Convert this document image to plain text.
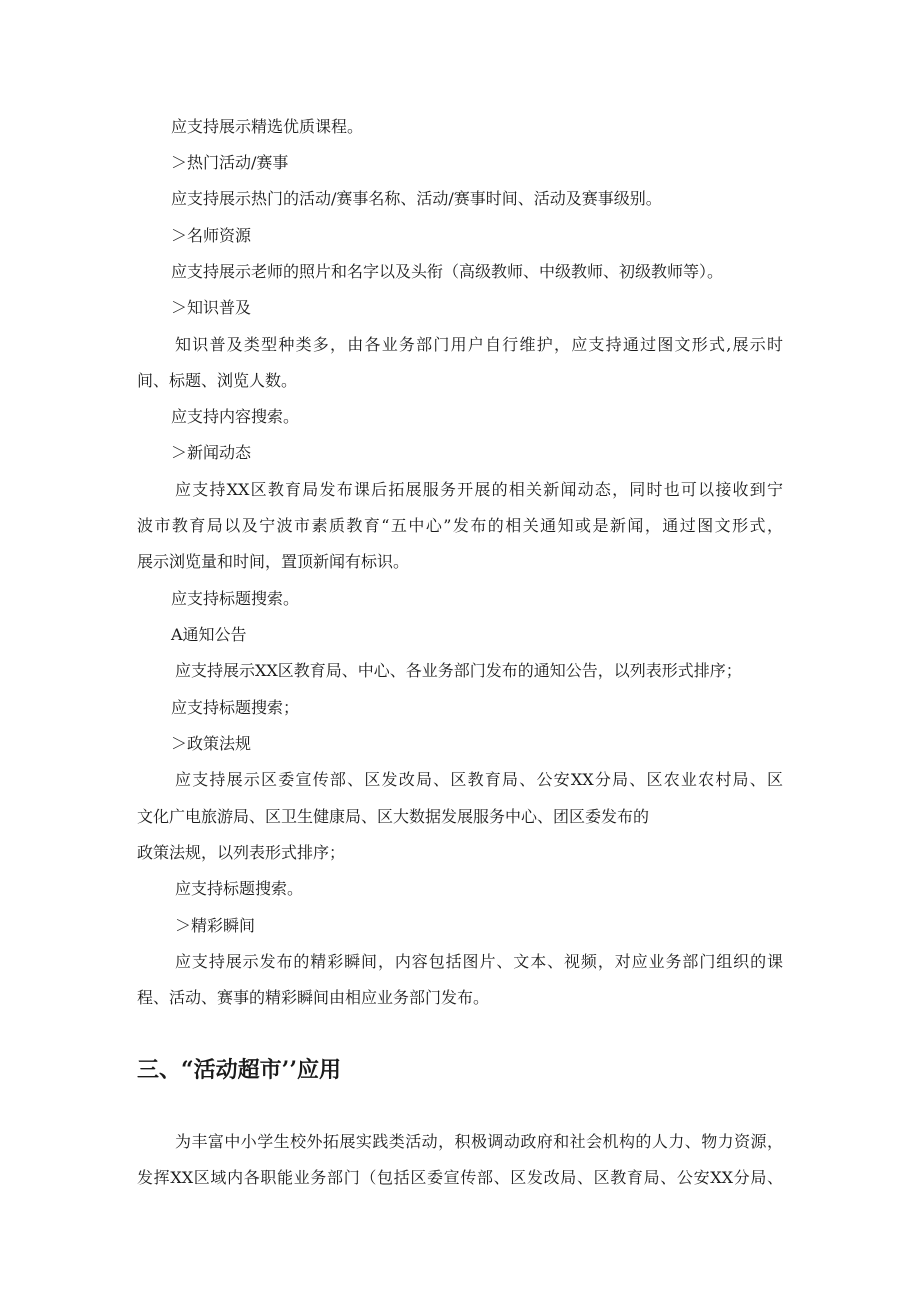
应支持展示精选优质课程。

＞热门活动/赛事

应支持展示热门的活动/赛事名称、活动/赛事时间、活动及赛事级别。

＞名师资源

应支持展示老师的照片和名字以及头衔（高级教师、中级教师、初级教师等）。

＞知识普及

知识普及类型种类多，由各业务部门用户自行维护，应支持通过图文形式,展示时

间、标题、浏览人数。

应支持内容搜索。

＞新闻动态

应支持XX区教育局发布课后拓展服务开展的相关新闻动态，同时也可以接收到宁

波市教育局以及宁波市素质教育“五中心”发布的相关通知或是新闻，通过图文形式，

展示浏览量和时间，置顶新闻有标识。

应支持标题搜索。

A通知公告

应支持展示XX区教育局、中心、各业务部门发布的通知公告，以列表形式排序；

应支持标题搜索；

＞政策法规

应支持展示区委宣传部、区发改局、区教育局、公安XX分局、区农业农村局、区

文化广电旅游局、区卫生健康局、区大数据发展服务中心、团区委发布的

政策法规，以列表形式排序；

应支持标题搜索。

＞精彩瞬间

应支持展示发布的精彩瞬间，内容包括图片、文本、视频，对应业务部门组织的课

程、活动、赛事的精彩瞬间由相应业务部门发布。

三、“活动超市’’应用

为丰富中小学生校外拓展实践类活动，积极调动政府和社会机构的人力、物力资源，

发挥XX区域内各职能业务部门（包括区委宣传部、区发改局、区教育局、公安XX分局、
